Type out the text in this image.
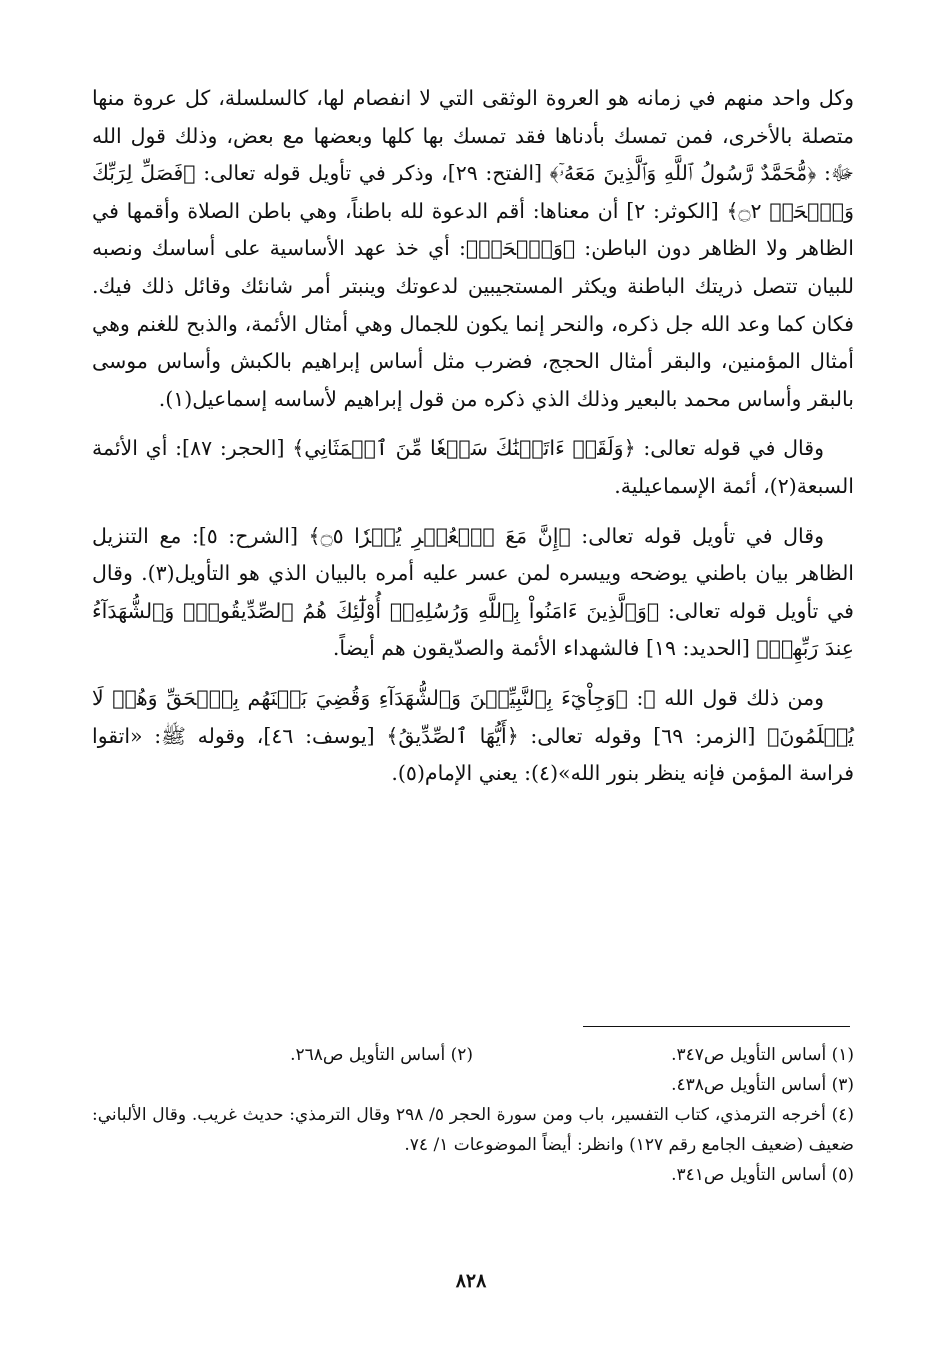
وكل واحد منهم في زمانه هو العروة الوثقى التي لا انفصام لها، كالسلسلة، كل عروة منها متصلة بالأخرى، فمن تمسك بأدناها فقد تمسك بها كلها وبعضها مع بعض، وذلك قول الله ﷻ: ﴿مُّحَمَّدٌ رَّسُولُ ٱللَّهِ وَٱلَّذِينَ مَعَهُۥٓ﴾ [الفتح: ٢٩]، وذكر في تأويل قوله تعالى: ﴿فَصَلِّ لِرَبِّكَ وَٱنۡحَرۡ ۝٢﴾ [الكوثر: ٢] أن معناها: أقم الدعوة لله باطناً، وهي باطن الصلاة وأقمها في الظاهر ولا الظاهر دون الباطن: ﴿وَٱنۡحَرۡ﴾: أي خذ عهد الأساسية على أساسك ونصبه للبيان تتصل ذريتك الباطنة ويكثر المستجيبين لدعوتك وينبتر أمر شانئك وقائل ذلك فيك. فكان كما وعد الله جل ذكره، والنحر إنما يكون للجمال وهي أمثال الأئمة، والذبح للغنم وهي أمثال المؤمنين، والبقر أمثال الحجج، فضرب مثل أساس إبراهيم بالكبش وأساس موسى بالبقر وأساس محمد بالبعير وذلك الذي ذكره من قول إبراهيم لأساسه إسماعيل(١).

وقال في قوله تعالى: ﴿وَلَقَدۡ ءَاتَيۡنَٰكَ سَبۡعٗا مِّنَ ٱلۡمَثَانِي﴾ [الحجر: ٨٧]: أي الأئمة السبعة(٢)، أئمة الإسماعيلية.

وقال في تأويل قوله تعالى: ﴿إِنَّ مَعَ ٱلۡعُسۡرِ يُسۡرٗا ۝٥﴾ [الشرح: ٥]: مع التنزيل الظاهر بيان باطني يوضحه وييسره لمن عسر عليه أمره بالبيان الذي هو التأويل(٣). وقال في تأويل قوله تعالى: ﴿وَٱلَّذِينَ ءَامَنُواْ بِٱللَّهِ وَرُسُلِهِۦٓ أُوْلَٰٓئِكَ هُمُ ٱلصِّدِّيقُونَۖ وَٱلشُّهَدَآءُ عِندَ رَبِّهِمۡ﴾ [الحديد: ١٩] فالشهداء الأئمة والصدّيقون هم أيضاً.

ومن ذلك قول الله ﷻ: ﴿وَجِاْيٓءَ بِٱلنَّبِيِّـۧنَ وَٱلشُّهَدَآءِ وَقُضِيَ بَيۡنَهُم بِٱلۡحَقِّ وَهُمۡ لَا يُظۡلَمُونَ﴾ [الزمر: ٦٩] وقوله تعالى: ﴿أَيُّهَا ٱلصِّدِّيقُ﴾ [يوسف: ٤٦]، وقوله ﷺ: «اتقوا فراسة المؤمن فإنه ينظر بنور الله»(٤): يعني الإمام(٥).

(١) أساس التأويل ص٣٤٧.
(٢) أساس التأويل ص٢٦٨.
(٣) أساس التأويل ص٤٣٨.
(٤) أخرجه الترمذي، كتاب التفسير، باب ومن سورة الحجر ٥/ ٢٩٨ وقال الترمذي: حديث غريب. وقال الألباني: ضعيف (ضعيف الجامع رقم ١٢٧) وانظر: أيضاً الموضوعات ١/ ٧٤.
(٥) أساس التأويل ص٣٤١.
٨٢٨
